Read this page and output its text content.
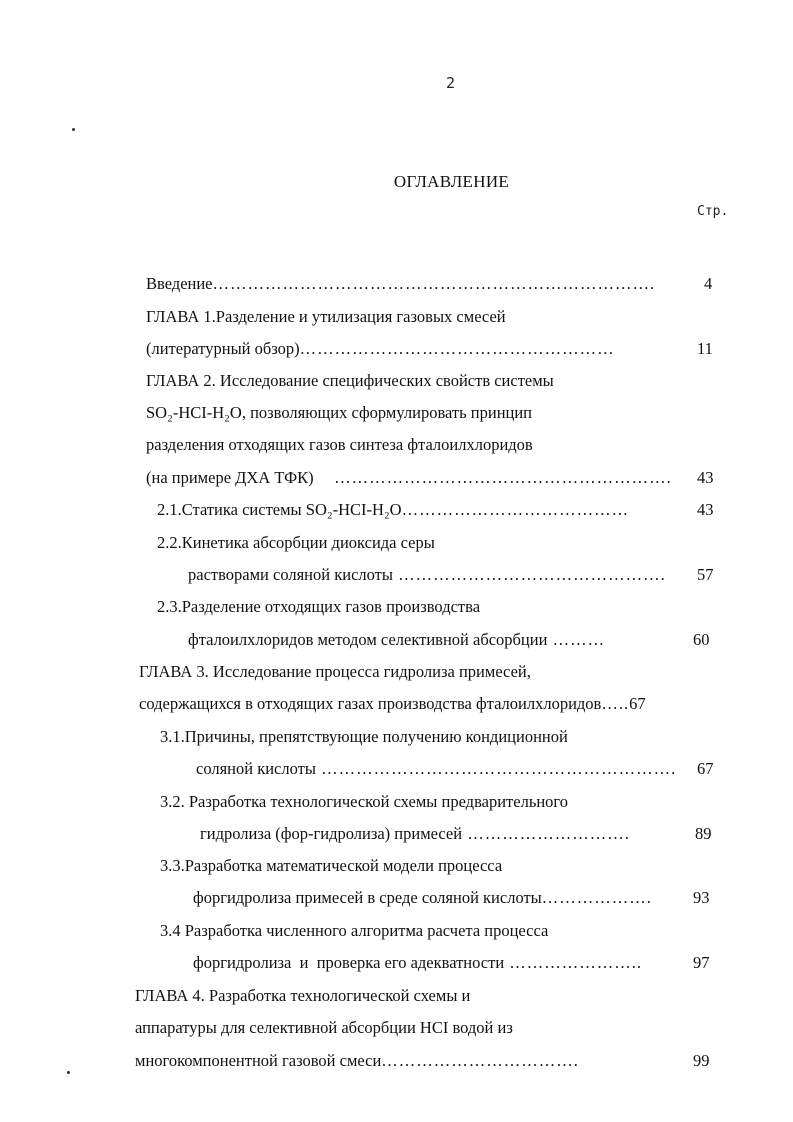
2
ОГЛАВЛЕНИЕ
Стр.
Введение………………………………………………………………….	4
ГЛАВА 1.Разделение и утилизация газовых смесей
(литературный обзор)………………………………………………	11
ГЛАВА 2. Исследование специфических свойств системы
SO₂-HCI-H₂O, позволяющих сформулировать принцип
разделения отходящих газов синтеза фталоилхлоридов
(на примере ДХА ТФК)    …………………………………………………. 43
2.1.Статика системы SO₂-HCI-H₂O…………………………………	43
2.2.Кинетика абсорбции диоксида серы
растворами соляной кислоты ………………………………………. 57
2.3.Разделение отходящих газов производства
фталоилхлоридов методом селективной абсорбции ………	60
ГЛАВА 3. Исследование процесса гидролиза примесей,
содержащихся в отходящих газах производства фталоилхлоридов…..67
3.1.Причины, препятствующие получению кондиционной
соляной кислоты ……………………………………………………. 67
3.2. Разработка технологической схемы предварительного
гидролиза (фор-гидролиза) примесей ……………………….	89
3.3.Разработка математической модели процесса
форгидролиза примесей в среде соляной кислоты………………. 93
3.4 Разработка численного алгоритма расчета процесса
форгидролиза  и  проверка его адекватности …………………..	97
ГЛАВА 4. Разработка технологической схемы и
аппаратуры для селективной абсорбции HCI водой из
многокомпонентной газовой смеси…………………………….	99
